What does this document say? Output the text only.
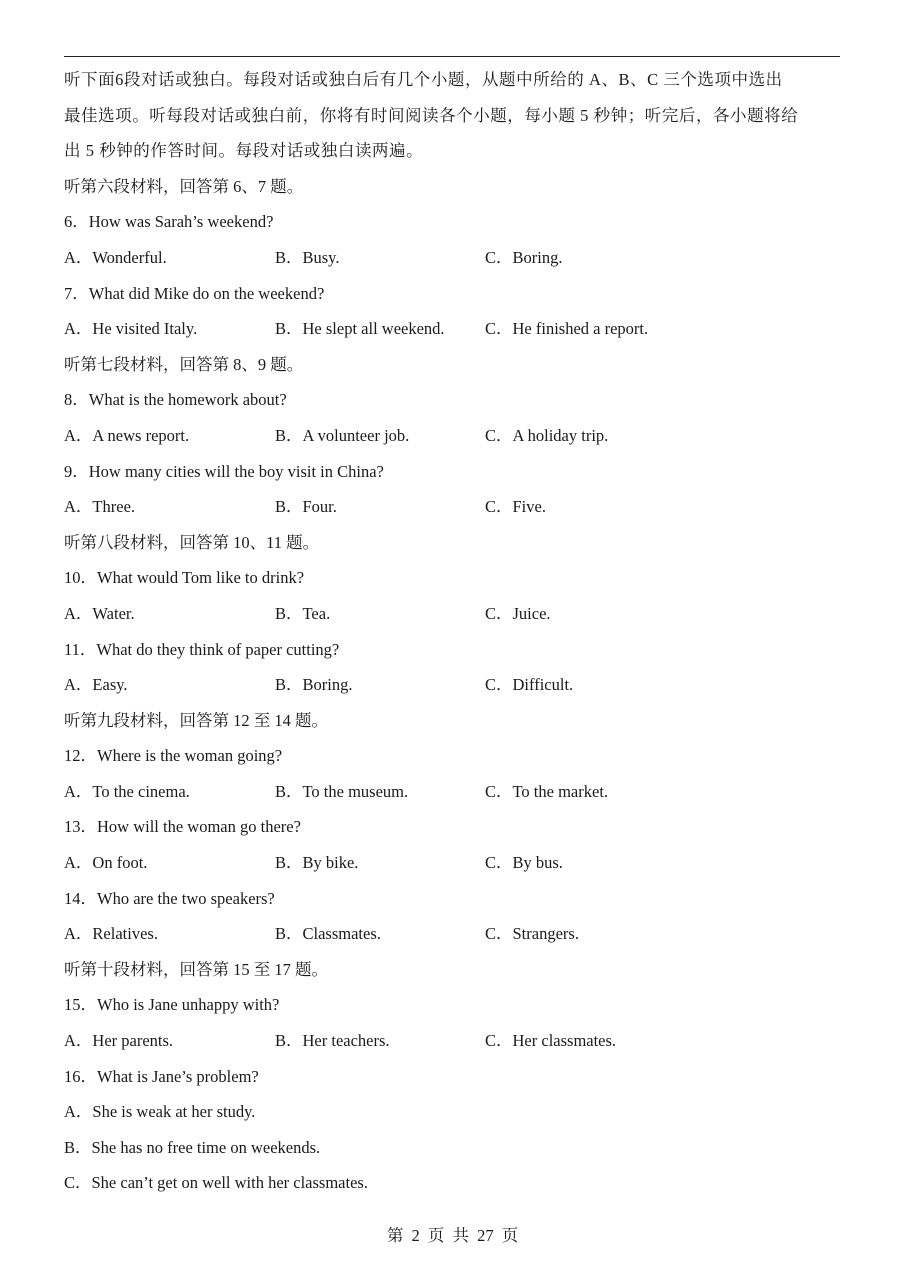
听下面6段对话或独白。每段对话或独白后有几个小题，从题中所给的 A、B、C 三个选项中选出
最佳选项。听每段对话或独白前，你将有时间阅读各个小题，每小题 5 秒钟；听完后，各小题将给
出 5 秒钟的作答时间。每段对话或独白读两遍。
听第六段材料，回答第 6、7 题。
6．How was Sarah’s weekend?
A．Wonderful.	B．Busy.	C．Boring.
7．What did Mike do on the weekend?
A．He visited Italy.	B．He slept all weekend. C．He finished a report.
听第七段材料，回答第 8、9 题。
8．What is the homework about?
A．A news report.	B．A volunteer job.	C．A holiday trip.
9．How many cities will the boy visit in China?
A．Three.	B．Four.	C．Five.
听第八段材料，回答第 10、11 题。
10．What would Tom like to drink?
A．Water.	B．Tea.	C．Juice.
11．What do they think of paper cutting?
A．Easy.	B．Boring.	C．Difficult.
听第九段材料，回答第 12 至 14 题。
12．Where is the woman going?
A．To the cinema.	B．To the museum.	C．To the market.
13．How will the woman go there?
A．On foot.	B．By bike.	C．By bus.
14．Who are the two speakers?
A．Relatives.	B．Classmates.	C．Strangers.
听第十段材料，回答第 15 至 17 题。
15．Who is Jane unhappy with?
A．Her parents.	B．Her teachers.	C．Her classmates.
16．What is Jane’s problem?
A．She is weak at her study.
B．She has no free time on weekends.
C．She can’t get on well with her classmates.
第 2 页 共 27 页
